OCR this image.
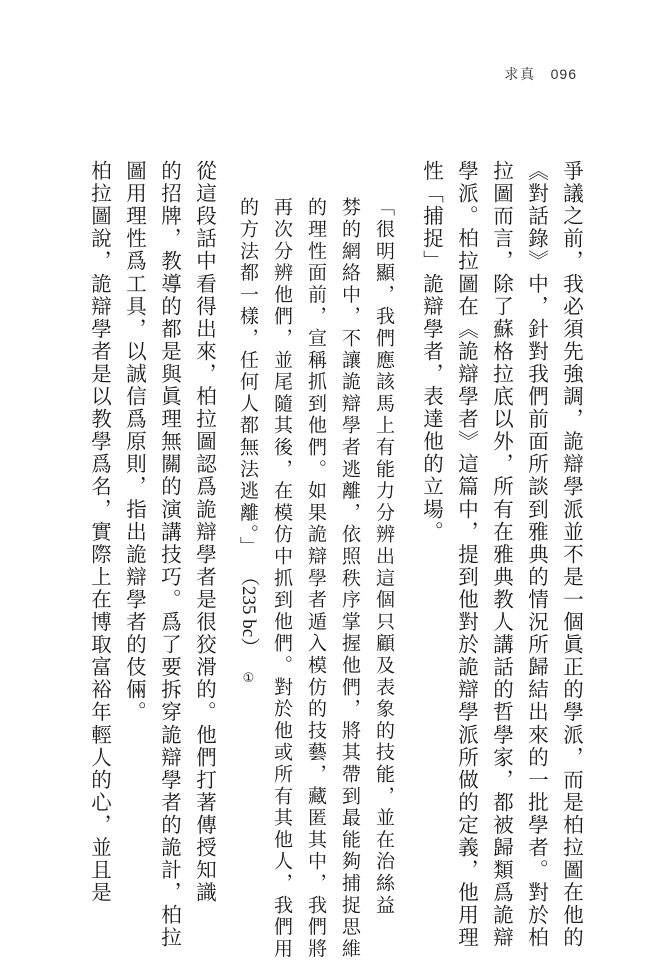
求真 096
爭議之前，我必須先強調，詭辯學派並不是一個眞正的學派，而是柏拉圖在他的
《對話錄》中，針對我們前面所談到雅典的情況所歸結出來的一批學者。對於柏
拉圖而言，除了蘇格拉底以外，所有在雅典教人講話的哲學家，都被歸類爲詭辯
學派。柏拉圖在《詭辯學者》這篇中，提到他對於詭辯學派所做的定義，他用理
性「捕捉」詭辯學者，表達他的立場。
「很明顯，我們應該馬上有能力分辨出這個只顧及表象的技能，並在治絲益
棼的網絡中，不讓詭辯學者逃離，依照秩序掌握他們，將其帶到最能夠捕捉思維
的理性面前，宣稱抓到他們。如果詭辯學者遁入模仿的技藝，藏匿其中，我們將
再次分辨他們，並尾隨其後，在模仿中抓到他們。對於他或所有其他人，我們用
的方法都一樣，任何人都無法逃離。」 （235 bc） ①
從這段話中看得出來，柏拉圖認爲詭辯學者是很狡滑的。他們打著傳授知識
的招牌，教導的都是與眞理無關的演講技巧。爲了要拆穿詭辯學者的詭計，柏拉
圖用理性爲工具，以誠信爲原則，指出詭辯學者的伎倆。
柏拉圖說，詭辯學者是以教學爲名，實際上在博取富裕年輕人的心，並且是
